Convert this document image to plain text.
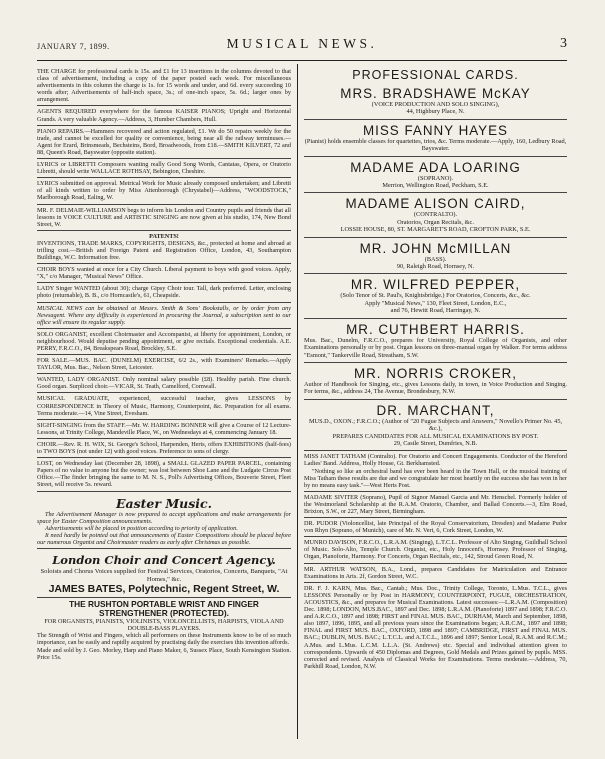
JANUARY 7, 1899.	MUSICAL NEWS.	3

THE CHARGE for professional cards is 15s. and £1 for 13 insertions in the columns devoted to that class of advertisement, including a copy of the paper posted each week. For miscellaneous advertisements in this column the charge is 1s. for 15 words and under, and 6d. every succeeding 10 words after; Advertisements of half-inch space, 3s.; of one-inch space, 5s. 6d.; larger ones by arrangement.

AGENTS REQUIRED everywhere for the famous KAISER PIANOS; Upright and Horizontal Grands. A very valuable Agency.—Address, 3, Humber Chambers, Hull.

PIANO REPAIRS.—Hammers recovered and action regulated, £1. We do 50 repairs weekly for the trade, and cannot be excelled for quality or convenience, being near all the railway terminuses.—Agent for Erard, Brinsmeads, Bechsteins, Bord, Broadwoods, from £18.—SMITH KILVERT, 72 and 88, Queen's Road, Bayswater (opposite station).

LYRICS or LIBRETTI Composers wanting really Good Song Words, Cantatas, Opera, or Oratorio Libretti, should write WALLACE ROTHSAY, Bebington, Cheshire.

LYRICS submitted on approval. Metrical Work for Music already composed undertaken; and Libretti of all kinds written to order by Miss Attenborough (Chrystabel)—Address, "WOODSTOCK," Marlborough Road, Ealing, W.

MR. F. DELMAIE-WILLIAMSON begs to inform his London and Country pupils and friends that all lessons in VOICE CULTURE and ARTISTIC SINGING are now given at his studio, 174, New Bond Street, W.

PATENTS!

INVENTIONS, TRADE MARKS, COPYRIGHTS, DESIGNS, &c., protected at home and abroad at trifling cost.—British and Foreign Patent and Registration Office, London, 43, Southampton Buildings, W.C. Information free.

CHOIR BOYS wanted at once for a City Church. Liberal payment to boys with good voices. Apply, "X," c/o Manager, "Musical News" Office.

LADY Singer WANTED (about 30); charge Gipsy Choir tour. Tall, dark preferred. Letter, enclosing photo (returnable), B. B., c/o Horncastle's, 61, Cheapside.

MUSICAL NEWS can be obtained at Messrs. Smith & Sons' Bookstalls, or by order from any Newsagent. Where any difficulty is experienced in procuring the Journal, a subscription sent to our office will ensure its regular supply.

SOLO ORGANIST, excellent Choirmaster and Accompanist, at liberty for appointment, London, or neighbourhood. Would deputise pending appointment, or give recitals. Exceptional credentials. A.E. PERRY, F.R.C.O., 84, Breakspears Road, Brockley, S.E.

FOR SALE.—MUS. BAC. (DUNELM) EXERCISE, 6/2 2s., with Examiners' Remarks.—Apply TAYLOR, Mus. Bac., Nelson Street, Leicester.

WANTED, LADY ORGANIST. Only nominal salary possible (£8). Healthy parish. Fine church. Good organ. Surpliced choir.—VICAR, St. Teath, Camelford, Cornwall.

MUSICAL GRADUATE, experienced, successful teacher, gives LESSONS by CORRESPONDENCE in Theory of Music, Harmony, Counterpoint, &c. Preparation for all exams. Terms moderate.—14, Vine Street, Evesham.

SIGHT-SINGING from the STAFF.—Mr. W. HARDING BONNER will give a Course of 12 Lecture-Lessons, at Trinity College, Mandeville Place, W., on Wednesdays at 4, commencing January 18.

CHOIR.—Rev. R. H. WIX, St. George's School, Harpenden, Herts, offers EXHIBITIONS (half-fees) to TWO BOYS (not under 12) with good voices. Preference to sons of clergy.

LOST, on Wednesday last (December 28, 1898), a SMALL GLAZED PAPER PARCEL, containing Papers of no value to anyone but the owner; was lost between Shoe Lane and the Ludgate Circus Post Office.—The finder bringing the same to M. N. S., Poll's Advertising Offices, Bouverie Street, Fleet Street, will receive 5s. reward.

Easter Music.

The Advertisement Manager is now prepared to accept applications and make arrangements for space for Easter Composition announcements.

Advertisements will be placed in position according to priority of application.

It need hardly be pointed out that announcements of Easter Compositions should be placed before our numerous Organist and Choirmaster readers as early after Christmas as possible.

London Choir and Concert Agency.

Soloists and Chorus Voices supplied for Festival Services, Oratorios, Concerts, Banquets, "At Homes," &c.

JAMES BATES, Polytechnic, Regent Street, W.
THE RUSHTON PORTABLE WRIST AND FINGER
STRENGTHENER (PROTECTED).

FOR ORGANISTS, PIANISTS, VIOLINISTS, VIOLONCELLISTS, HARPISTS, VIOLA AND DOUBLE-BASS PLAYERS.

The Strength of Wrist and Fingers, which all performers on these Instruments know to be of so much importance, can be easily and rapidly acquired by practising daily the exercises this invention affords.

Made and sold by J. Geo. Morley, Harp and Piano Maker, 6, Sussex Place, South Kensington Station. Price 15s.

PROFESSIONAL CARDS.
MRS. BRADSHAWE McKAY
(VOICE PRODUCTION AND SOLO SINGING),
44, Highbury Place, N.
MISS FANNY HAYES
(Pianist) holds ensemble classes for quartettes, trios, &c. Terms moderate.—Apply, 160, Ledbury Road, Bayswater.
MADAME ADA LOARING
(SOPRANO).
Merrion, Wellington Road, Peckham, S.E.
MADAME ALISON CAIRD,
(CONTRALTO).
Oratorios, Organ Recitals, &c.
LOSSIE HOUSE, 80, ST. MARGARET'S ROAD, CROFTON PARK, S.E.
MR. JOHN McMILLAN
(BASS).
90, Raleigh Road, Hornsey, N.
MR. WILFRED PEPPER,
(Solo Tenor of St. Paul's, Knightsbridge.) For Oratorios, Concerts, &c., &c.
Apply "Musical News," 130, Fleet Street, London, E.C.,
and 76, Hewitt Road, Harringay, N.
MR. CUTHBERT HARRIS.
Mus. Bac., Dunelm, F.R.C.O., prepares for University, Royal College of Organists, and other Examinations personally or by post. Organ lessons on three-manual organ by Walker. For terms address "Esmont," Tankerville Road, Streatham, S.W.
MR. NORRIS CROKER,
Author of Handbook for Singing, etc., gives Lessons daily, in town, in Voice Production and Singing. For terms, &c., address 24, The Avenue, Brondesbury, N.W.
DR. MARCHANT,
MUS.D., OXON.; F.R.C.O.; (Author of "20 Fugue Subjects and Answers," Novello's Primer No. 45, &c.),
PREPARES CANDIDATES FOR ALL MUSICAL EXAMINATIONS BY POST.
29, Castle Street, Dumfries, N.B.

MISS JANET TATHAM (Contralto). For Oratorio and Concert Engagements. Conductor of the Hereford Ladies' Band. Address, Holly House, Gt. Berkhamsted.

"Nothing so like an orchestral band has ever been heard in the Town Hall, or the musical training of Miss Tatham these results are due and we congratulate her most heartily on the success she has won in her by no means easy task."—West Herts Post.

MADAME SIVITER (Soprano), Pupil of Signor Manuel Garcia and Mr. Henschel. Formerly holder of the Westmorland Scholarship at the R.A.M. Oratorio, Chamber, and Ballad Concerts.—3, Elm Road, Brixton, S.W., or 227, Mary Street, Birmingham.

DR. PUDOR (Violoncellist, late Principal of the Royal Conservatorium, Dresden) and Madame Pudor von Rhyn (Soprano, of Munich), care of Mr. N. Vert, 6, Cork Street, London, W.

MUNRO DAVISON, F.R.C.O., L.R.A.M. (Singing), L.T.C.L. Professor of Alto Singing, Guildhall School of Music. Solo-Alto, Temple Church. Organist, etc., Holy Innocent's, Hornsey. Professor of Singing, Organ, Pianoforte, Harmony. For Concerts, Organ Recitals, etc., 142, Stroud Green Road, N.

MR. ARTHUR WATSON, B.A., Lond., prepares Candidates for Matriculation and Entrance Examinations in Arts. 2f, Gordon Street, W.C.

DR. F. J. KARN, Mus. Bac., Cantab.; Mus. Doc., Trinity College, Toronto, L.Mus. T.C.L., gives LESSONS Personally or by Post in HARMONY, COUNTERPOINT, FUGUE, ORCHESTRATION, ACOUSTICS, &c., and prepares for Musical Examinations. Latest successes:—L.R.A.M. (Composition) Dec. 1898; LONDON, MUS.BAC., 1897 and Dec. 1898; L.R.A.M. (Pianoforte) 1897 and 1898; F.R.C.O. and A.R.C.O., 1897 and 1898; FIRST and FINAL MUS. BAC., DURHAM, March and September, 1898, also 1897, 1896, 1895, and all previous years since the Examinations began; A.R.C.M., 1897 and 1898; FINAL and FIRST MUS. BAC., OXFORD, 1898 and 1897; CAMBRIDGE, FIRST and FINAL MUS. BAC.; DUBLIN, MUS. BAC.; L.T.C.L. and A.T.C.L., 1896 and 1897; Senior Local, R.A.M. and R.C.M.; A.Mus. and L.Mus. L.C.M. L.L.A. (St. Andrews) etc. Special and individual attention given to correspondents. Upwards of 450 Diplomas and Degrees, Gold Medals and Prizes gained by pupils. MSS. corrected and revised. Analysis of Classical Works for Examinations. Terms moderate.—Address, 70, Parkhill Road, London, N.W.
